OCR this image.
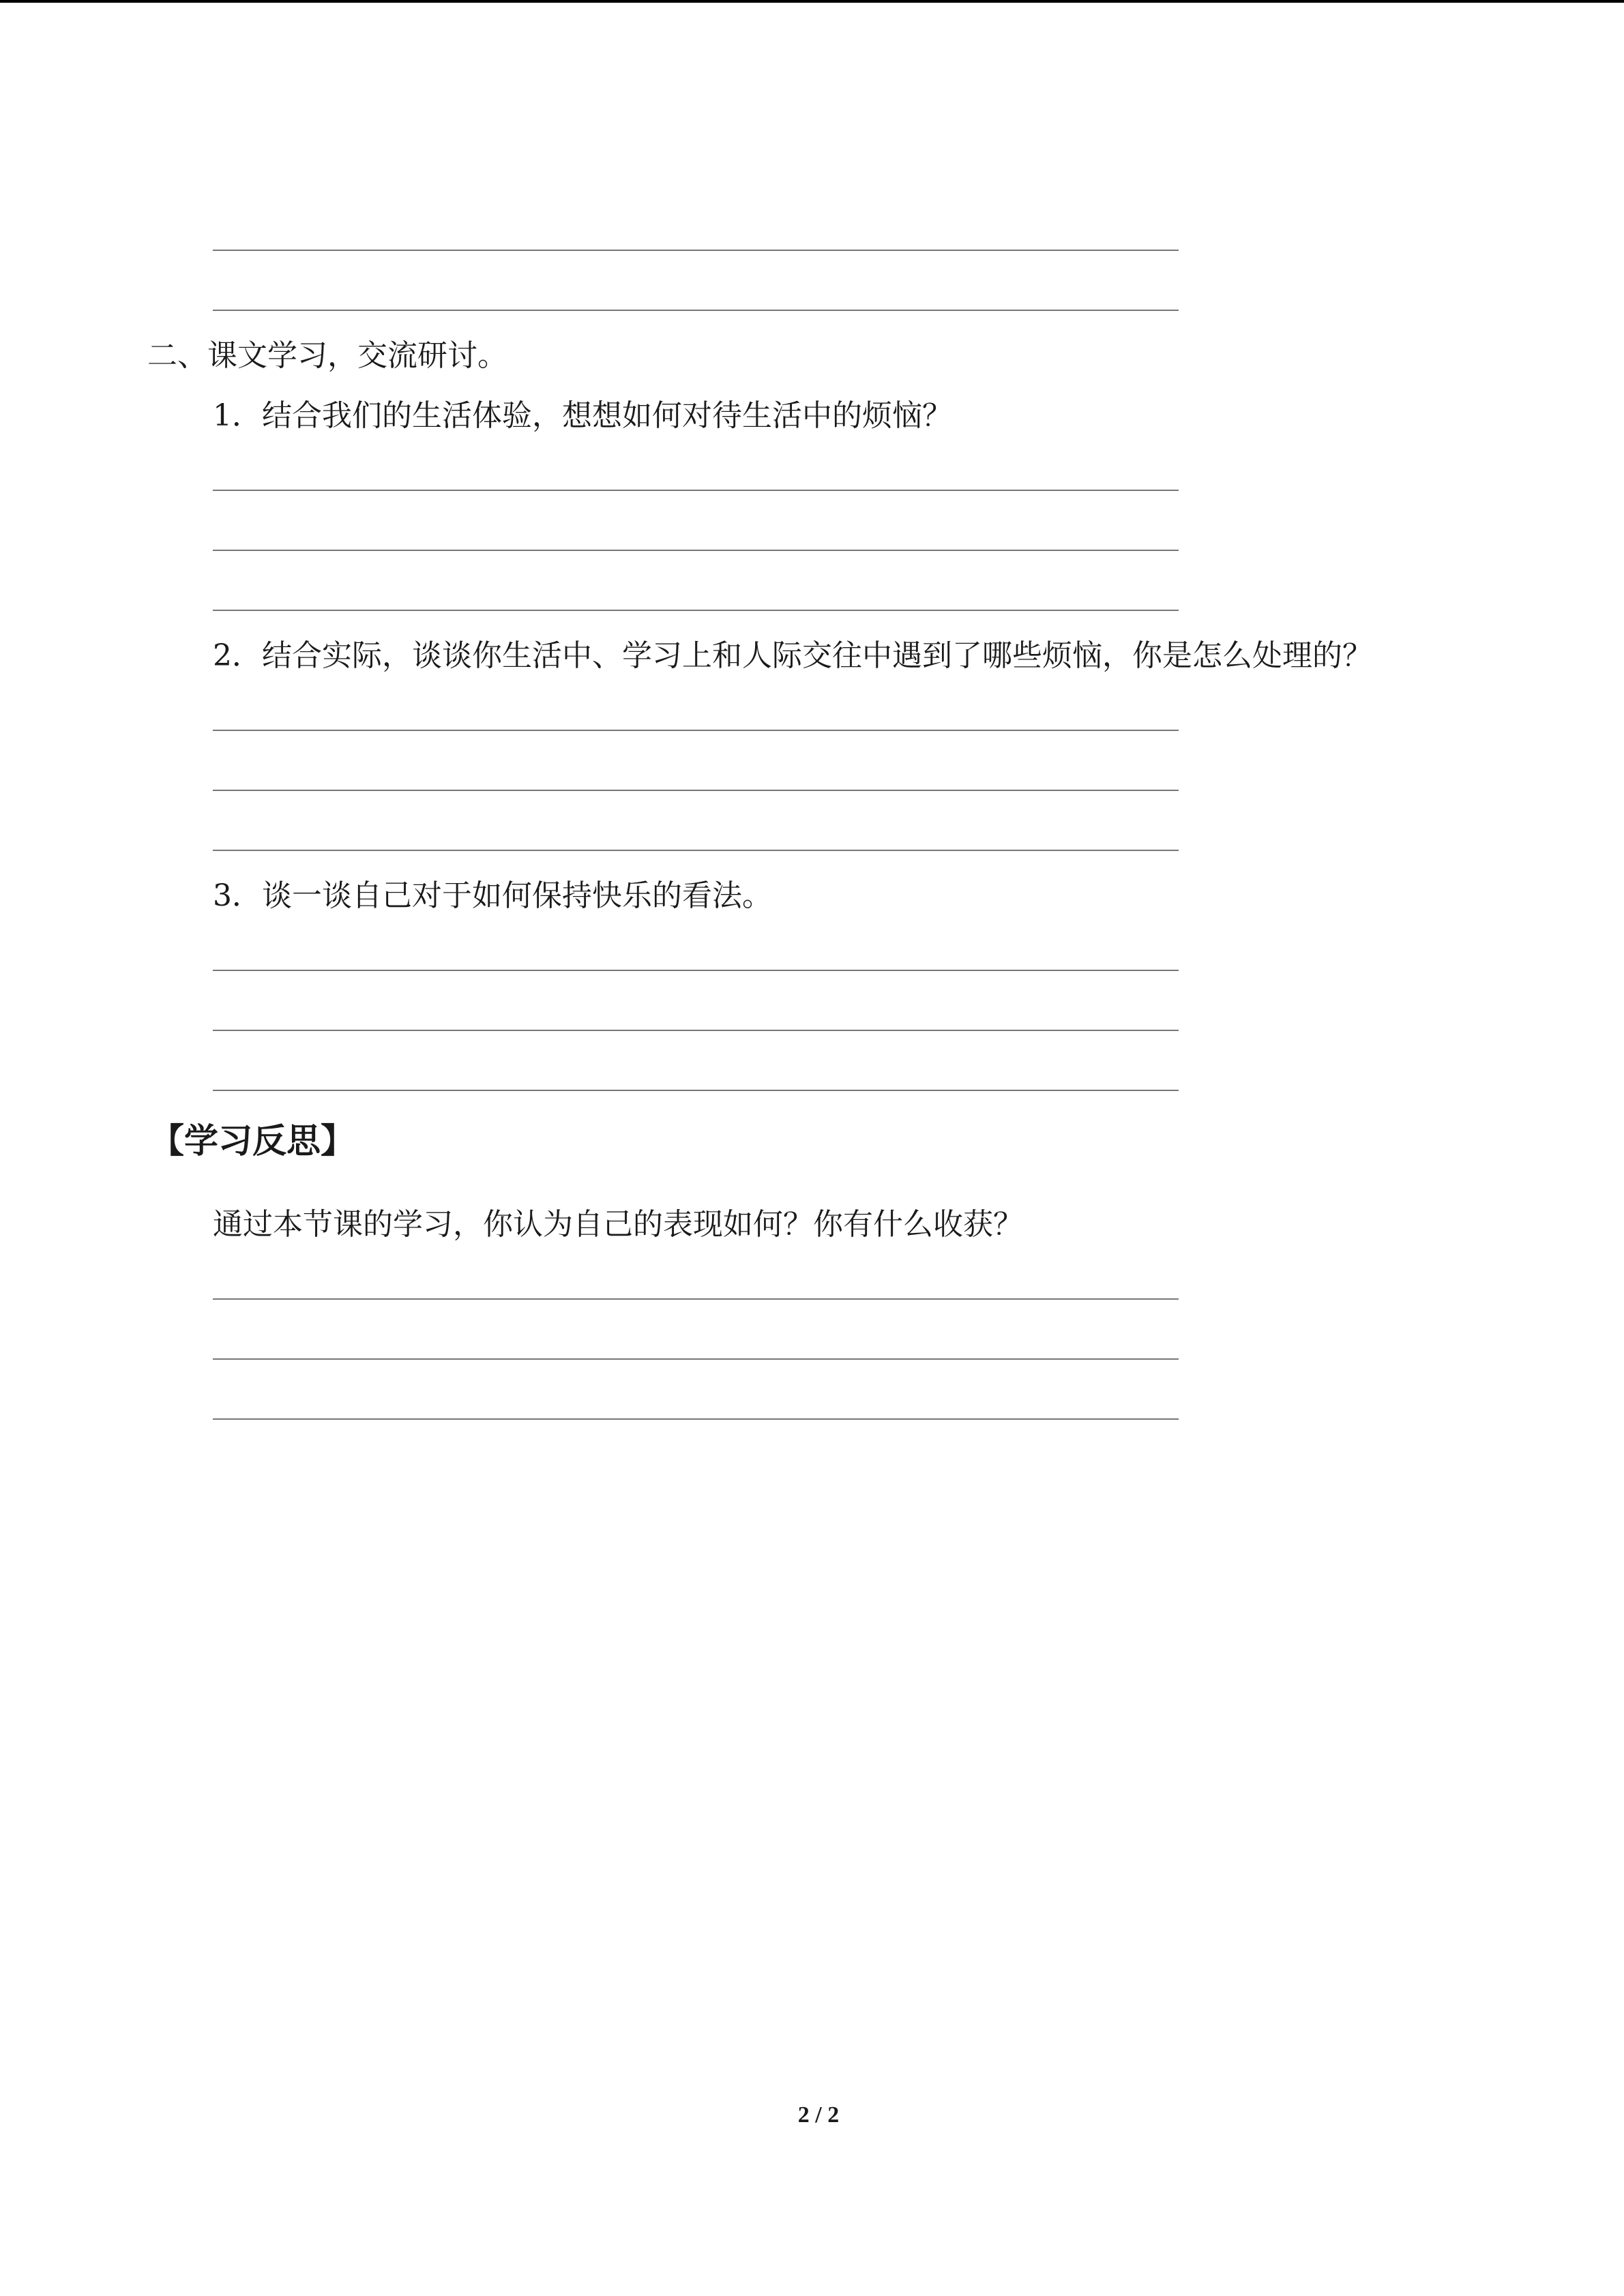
二、课文学习，交流研讨。
1．结合我们的生活体验，想想如何对待生活中的烦恼？
2．结合实际，谈谈你生活中、学习上和人际交往中遇到了哪些烦恼，你是怎么处理的？
3．谈一谈自己对于如何保持快乐的看法。
【学习反思】
通过本节课的学习，你认为自己的表现如何？你有什么收获？
2 / 2
